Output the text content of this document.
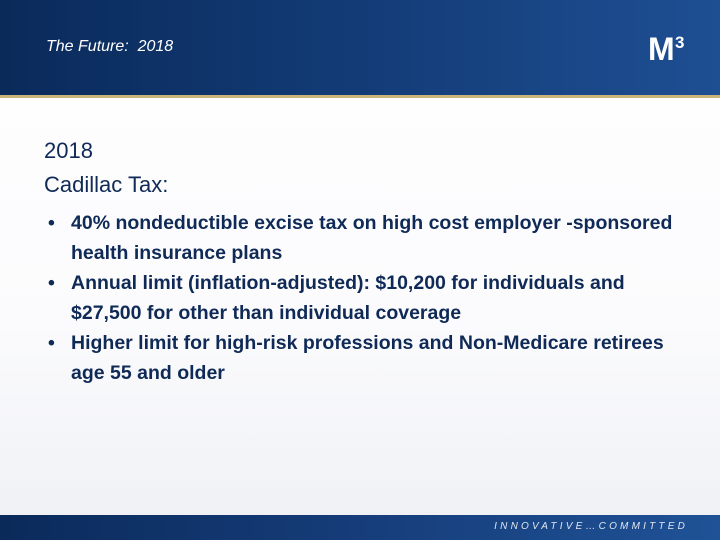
The Future:  2018	M 3
2018
Cadillac Tax:
• 40% nondeductible excise tax on high cost employer -sponsored health insurance plans
• Annual limit (inflation-adjusted): $10,200 for individuals and $27,500 for other than individual coverage
• Higher limit for high-risk professions and Non-Medicare retirees age 55 and older
INNOVATIVE…COMMITTED
